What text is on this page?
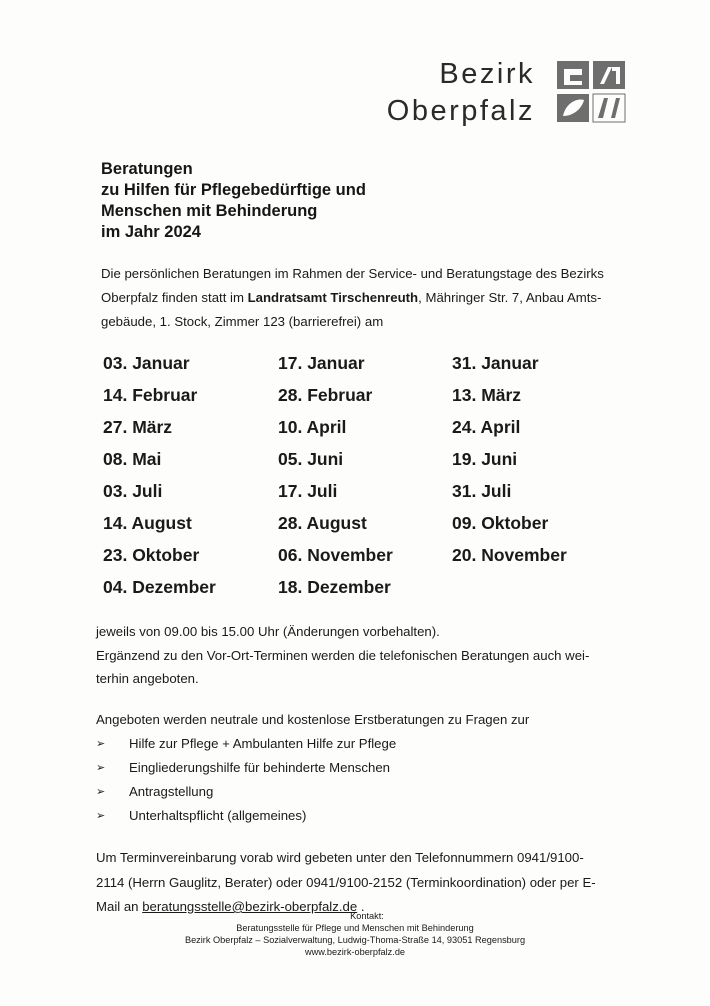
Bezirk
Oberpfalz
Beratungen
zu Hilfen für Pflegebedürftige und
Menschen mit Behinderung
im Jahr 2024
Die persönlichen Beratungen im Rahmen der Service- und Beratungstage des Bezirks
Oberpfalz finden statt im Landratsamt Tirschenreuth, Mähringer Str. 7, Anbau Amts-
gebäude, 1. Stock, Zimmer 123 (barrierefrei) am
03. Januar	17. Januar	31. Januar
14. Februar	28. Februar	13. März
27. März	10. April	24. April
08. Mai	05. Juni	19. Juni
03. Juli	17. Juli	31. Juli
14. August	28. August	09. Oktober
23. Oktober	06. November	20. November
04. Dezember	18. Dezember
jeweils von 09.00 bis 15.00 Uhr (Änderungen vorbehalten).
Ergänzend zu den Vor-Ort-Terminen werden die telefonischen Beratungen auch wei-
terhin angeboten.
Angeboten werden neutrale und kostenlose Erstberatungen zu Fragen zur
➢	Hilfe zur Pflege + Ambulanten Hilfe zur Pflege
➢	Eingliederungshilfe für behinderte Menschen
➢	Antragstellung
➢	Unterhaltspflicht (allgemeines)
Um Terminvereinbarung vorab wird gebeten unter den Telefonnummern 0941/9100-
2114 (Herrn Gauglitz, Berater) oder 0941/9100-2152 (Terminkoordination) oder per E-
Mail an beratungsstelle@bezirk-oberpfalz.de .
Kontakt:
Beratungsstelle für Pflege und Menschen mit Behinderung
Bezirk Oberpfalz – Sozialverwaltung, Ludwig-Thoma-Straße 14, 93051 Regensburg
www.bezirk-oberpfalz.de
